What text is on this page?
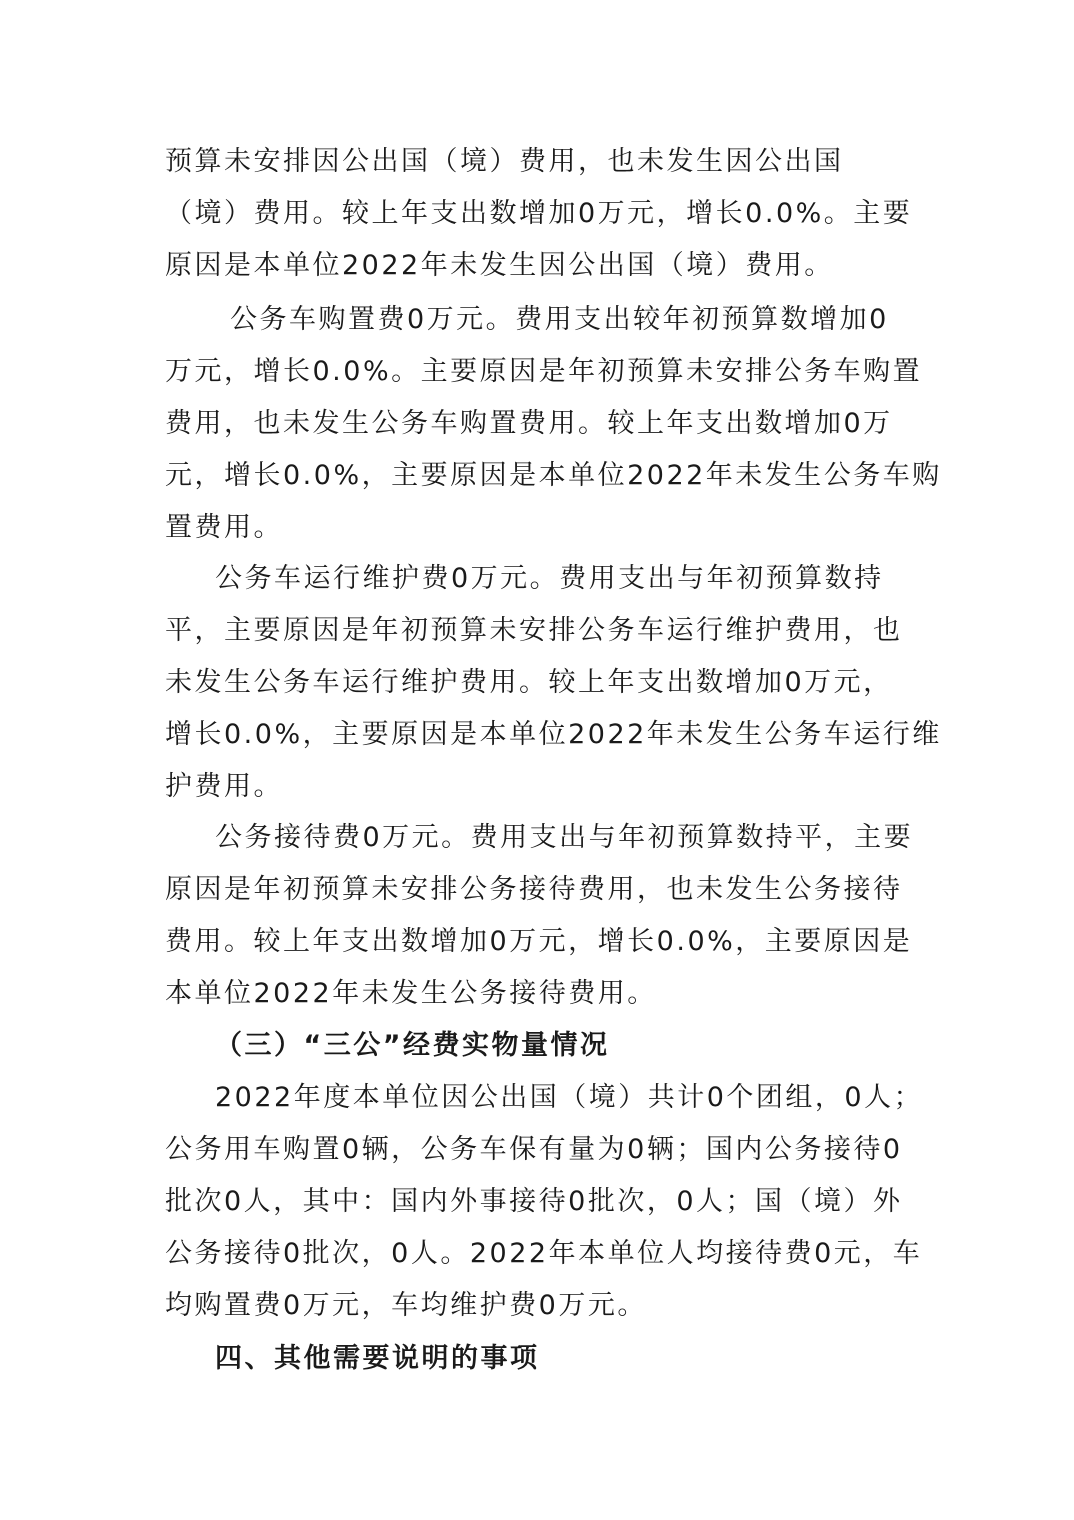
预算未安排因公出国（境）费用，也未发生因公出国
（境）费用。较上年支出数增加0万元，增长0.0%。主要
原因是本单位2022年未发生因公出国（境）费用。
公务车购置费0万元。费用支出较年初预算数增加0
万元，增长0.0%。主要原因是年初预算未安排公务车购置
费用，也未发生公务车购置费用。较上年支出数增加0万
元，增长0.0%，主要原因是本单位2022年未发生公务车购
置费用。
公务车运行维护费0万元。费用支出与年初预算数持
平，主要原因是年初预算未安排公务车运行维护费用，也
未发生公务车运行维护费用。较上年支出数增加0万元，
增长0.0%，主要原因是本单位2022年未发生公务车运行维
护费用。
公务接待费0万元。费用支出与年初预算数持平，主要
原因是年初预算未安排公务接待费用，也未发生公务接待
费用。较上年支出数增加0万元，增长0.0%，主要原因是
本单位2022年未发生公务接待费用。
（三）“三公”经费实物量情况
2022年度本单位因公出国（境）共计0个团组，0人；
公务用车购置0辆，公务车保有量为0辆；国内公务接待0
批次0人，其中：国内外事接待0批次，0人；国（境）外
公务接待0批次，0人。2022年本单位人均接待费0元，车
均购置费0万元，车均维护费0万元。
四、其他需要说明的事项
